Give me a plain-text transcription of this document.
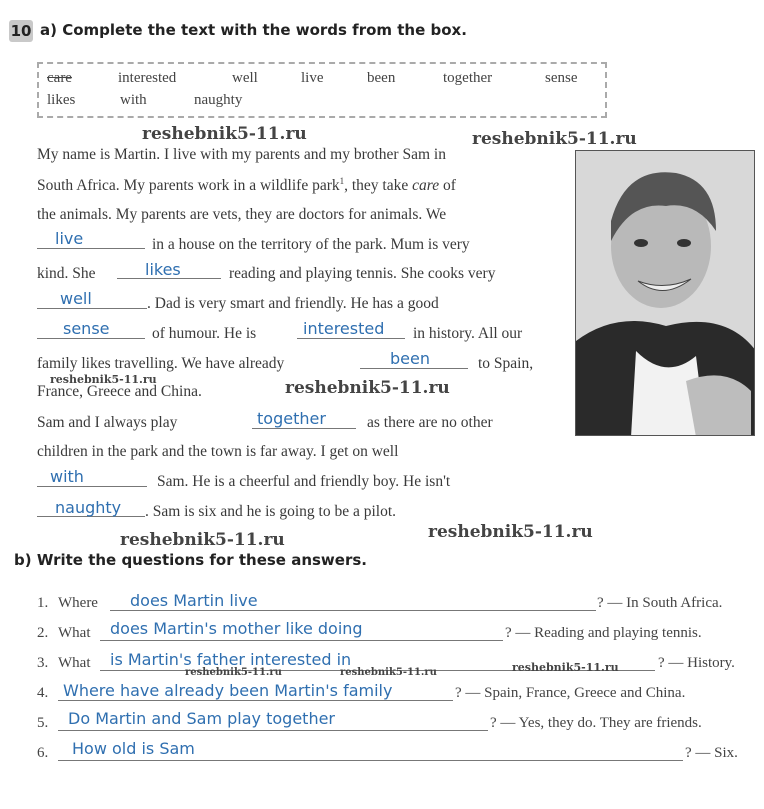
10 a) Complete the text with the words from the box.
care	interested	well	live	been	together	sense
likes	with	naughty
My name is Martin. I live with my parents and my brother Sam in
South Africa. My parents work in a wildlife park$^1$, they take care of
the animals. My parents are vets, they are doctors for animals. We
live	in a house on the territory of the park. Mum is very
kind. She	likes	reading and playing tennis. She cooks very
well	. Dad is very smart and friendly. He has a good
sense	of humour. He is	interested in history. All our
family likes travelling. We have already	been	to Spain,
France, Greece and China.
Sam and I always play	together	as there are no other
children in the park and the town is far away. I get on well
with	Sam. He is a cheerful and friendly boy. He isn't
naughty . Sam is six and he is going to be a pilot.
b) Write the questions for these answers.
1. Where does Martin live	? — In South Africa.
2. What does Martin's mother like doing	? — Reading and playing tennis.
3. What is Martin's father interested in	? — History.
4. Where have already been Martin's family	? — Spain, France, Greece and China.
5. Do Martin and Sam play together	? — Yes, they do. They are friends.
6. How old is Sam	? — Six.
reshebnik5-11.ru	reshebnik5-11.ru
reshebnik5-11.ru	reshebnik5-11.ru
reshebnik5-11.ru
reshebnik5-11.ru
reshebnik5-11.ru	reshebnik5-11.ru	reshebnik5-11.ru
